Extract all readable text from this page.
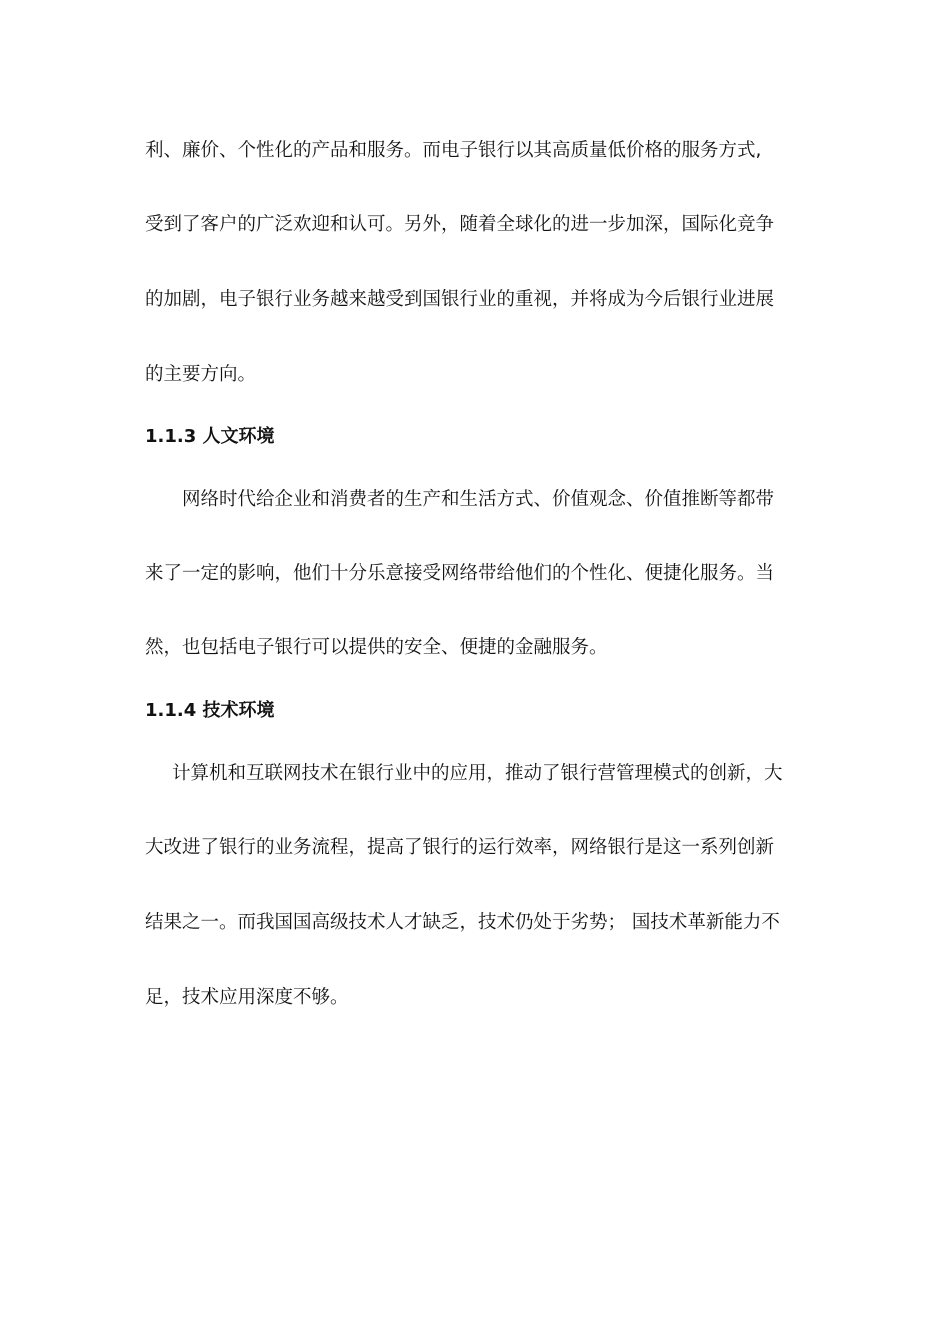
利、廉价、个性化的产品和服务。而电子银行以其高质量低价格的服务方式,
受到了客户的广泛欢迎和认可。另外，随着全球化的进一步加深，国际化竞争
的加剧，电子银行业务越来越受到国银行业的重视，并将成为今后银行业进展
的主要方向。
1.1.3 人文环境
网络时代给企业和消费者的生产和生活方式、价值观念、价值推断等都带
来了一定的影响，他们十分乐意接受网络带给他们的个性化、便捷化服务。当
然，也包括电子银行可以提供的安全、便捷的金融服务。
1.1.4 技术环境
计算机和互联网技术在银行业中的应用，推动了银行营管理模式的创新，大
大改进了银行的业务流程，提高了银行的运行效率，网络银行是这一系列创新
结果之一。而我国国高级技术人才缺乏，技术仍处于劣势； 国技术革新能力不
足，技术应用深度不够。
